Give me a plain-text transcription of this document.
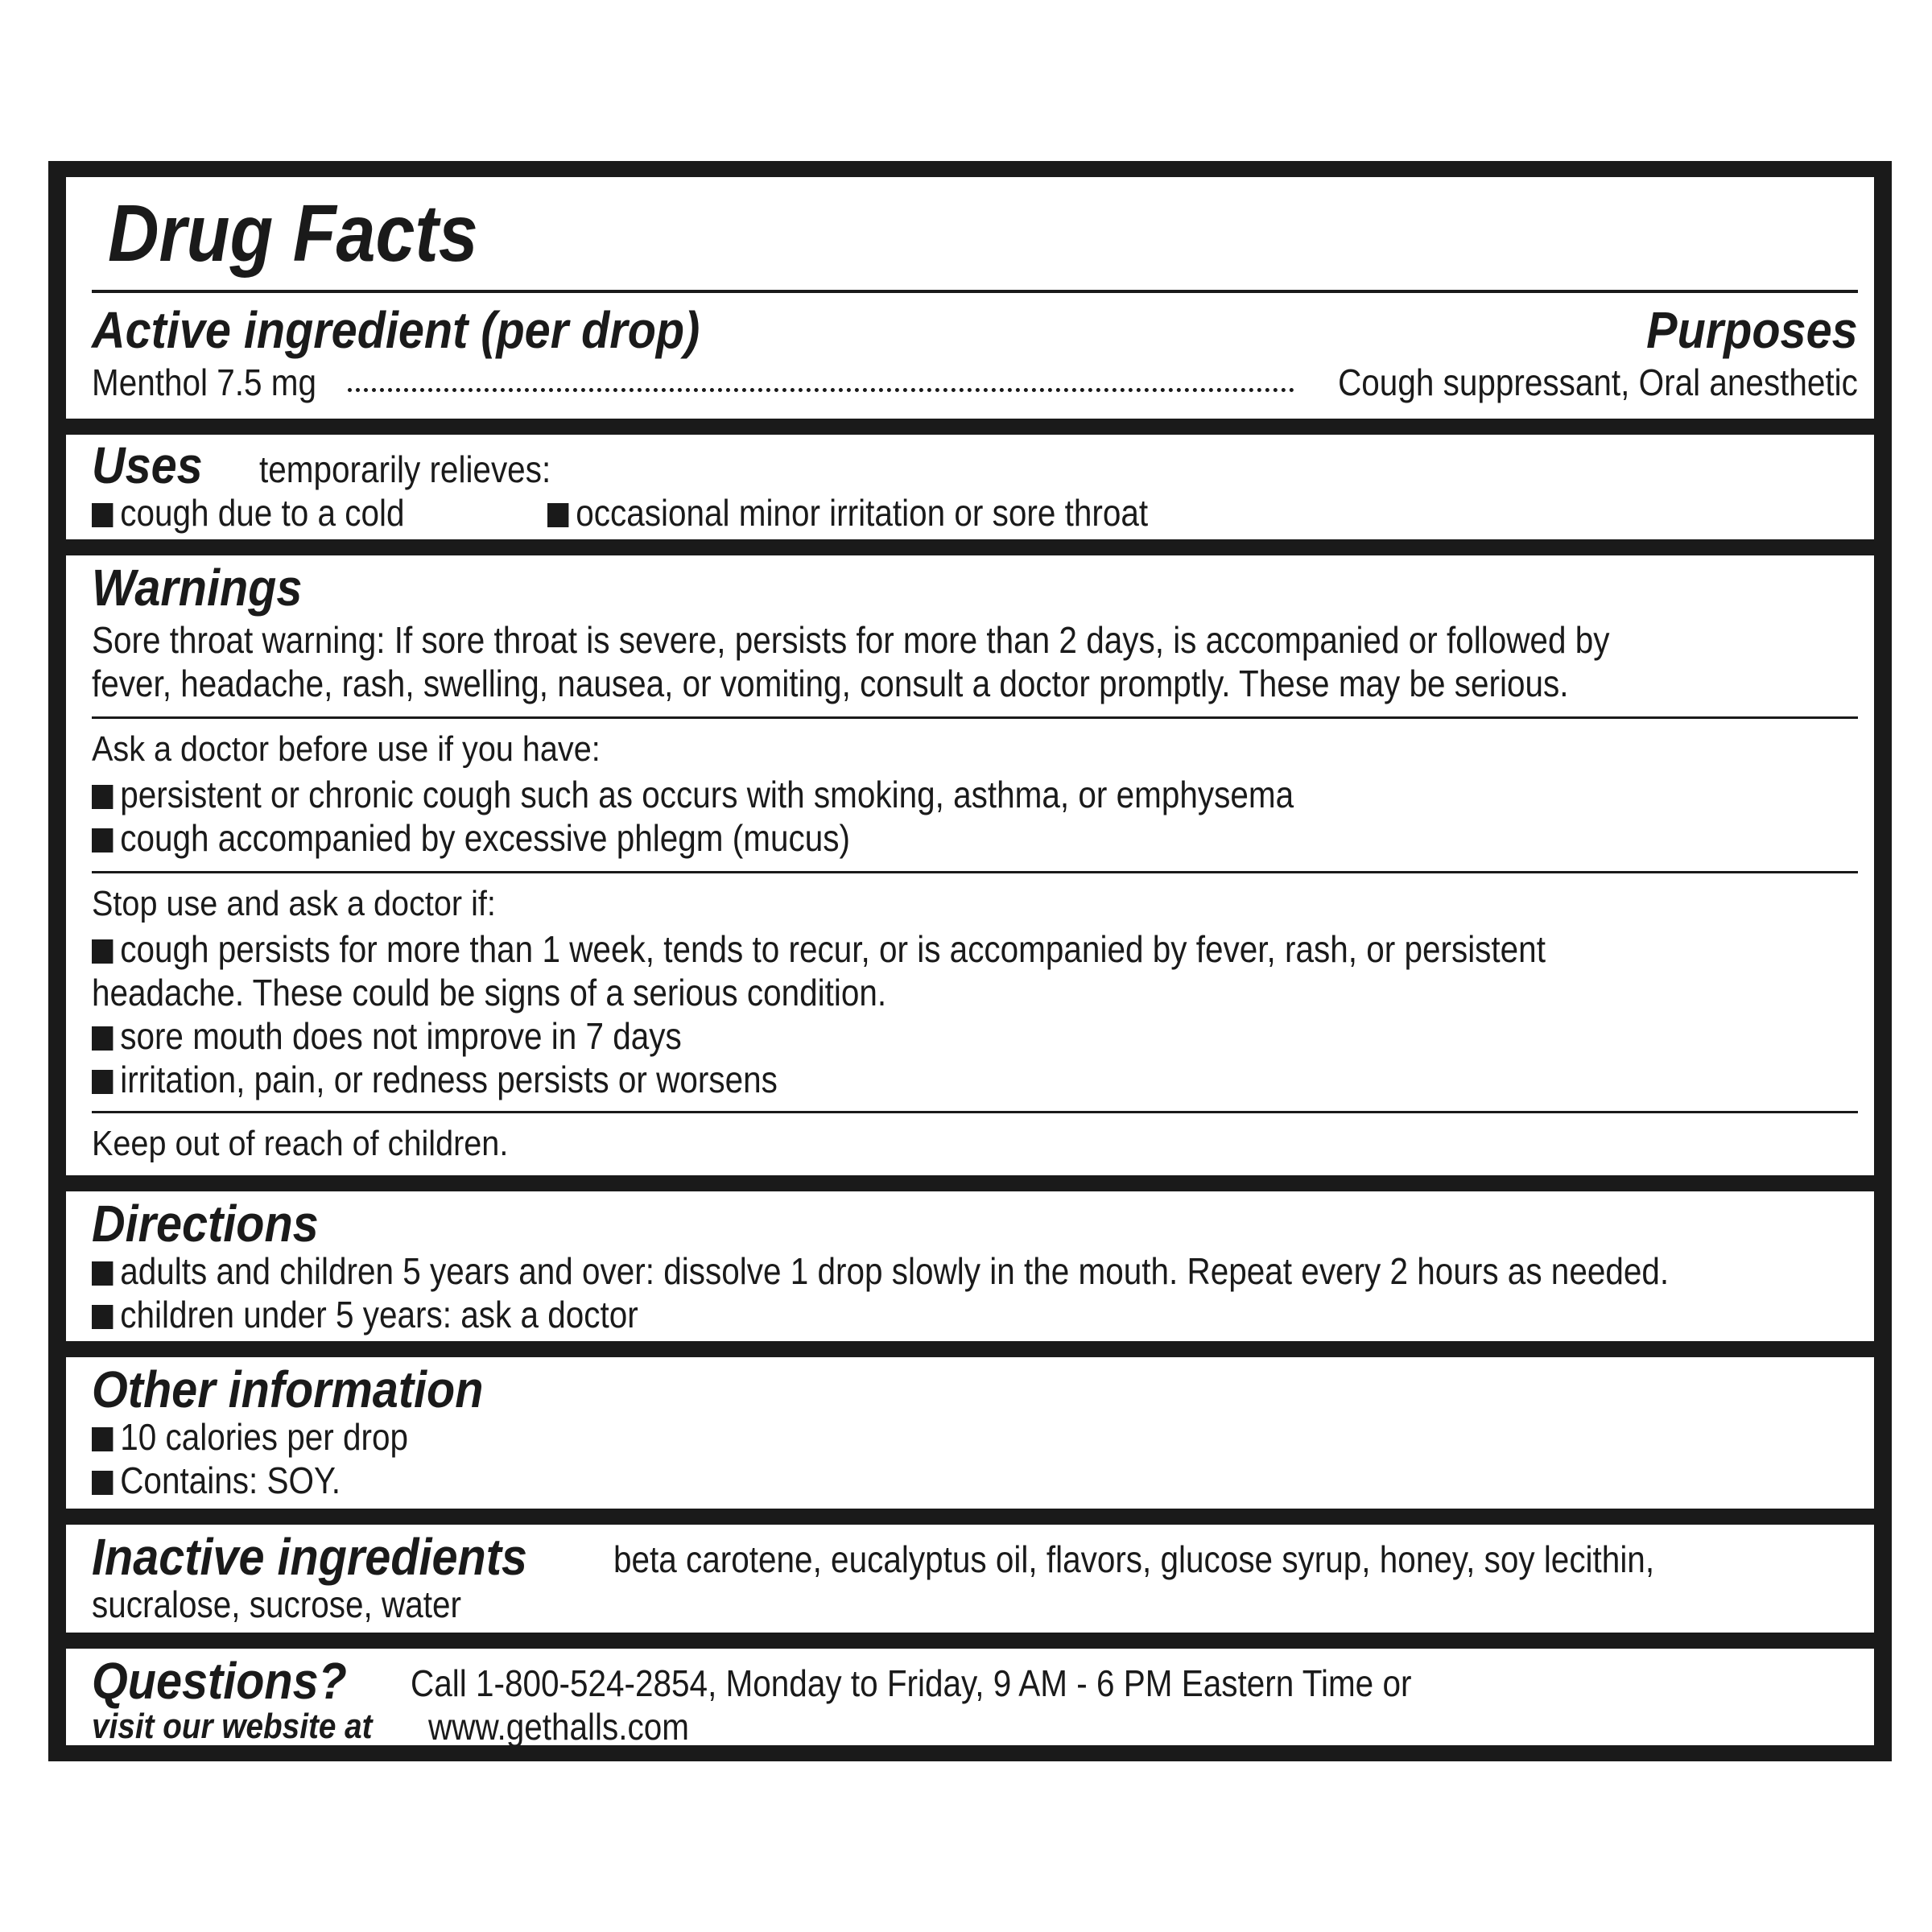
Drug Facts
Active ingredient (per drop)	Purposes
Menthol 7.5 mg	Cough suppressant, Oral anesthetic
Uses	temporarily relieves:
cough due to a cold	occasional minor irritation or sore throat
Warnings
Sore throat warning: If sore throat is severe, persists for more than 2 days, is accompanied or followed by
fever, headache, rash, swelling, nausea, or vomiting, consult a doctor promptly. These may be serious.
Ask a doctor before use if you have:
persistent or chronic cough such as occurs with smoking, asthma, or emphysema
cough accompanied by excessive phlegm (mucus)
Stop use and ask a doctor if:
cough persists for more than 1 week, tends to recur, or is accompanied by fever, rash, or persistent
headache. These could be signs of a serious condition.
sore mouth does not improve in 7 days
irritation, pain, or redness persists or worsens
Keep out of reach of children.
Directions
adults and children 5 years and over: dissolve 1 drop slowly in the mouth. Repeat every 2 hours as needed.
children under 5 years: ask a doctor
Other information
10 calories per drop
Contains: SOY.
Inactive ingredients	beta carotene, eucalyptus oil, flavors, glucose syrup, honey, soy lecithin,
sucralose, sucrose, water
Questions?	Call 1-800-524-2854, Monday to Friday, 9 AM - 6 PM Eastern Time or
visit our website at	www.gethalls.com
